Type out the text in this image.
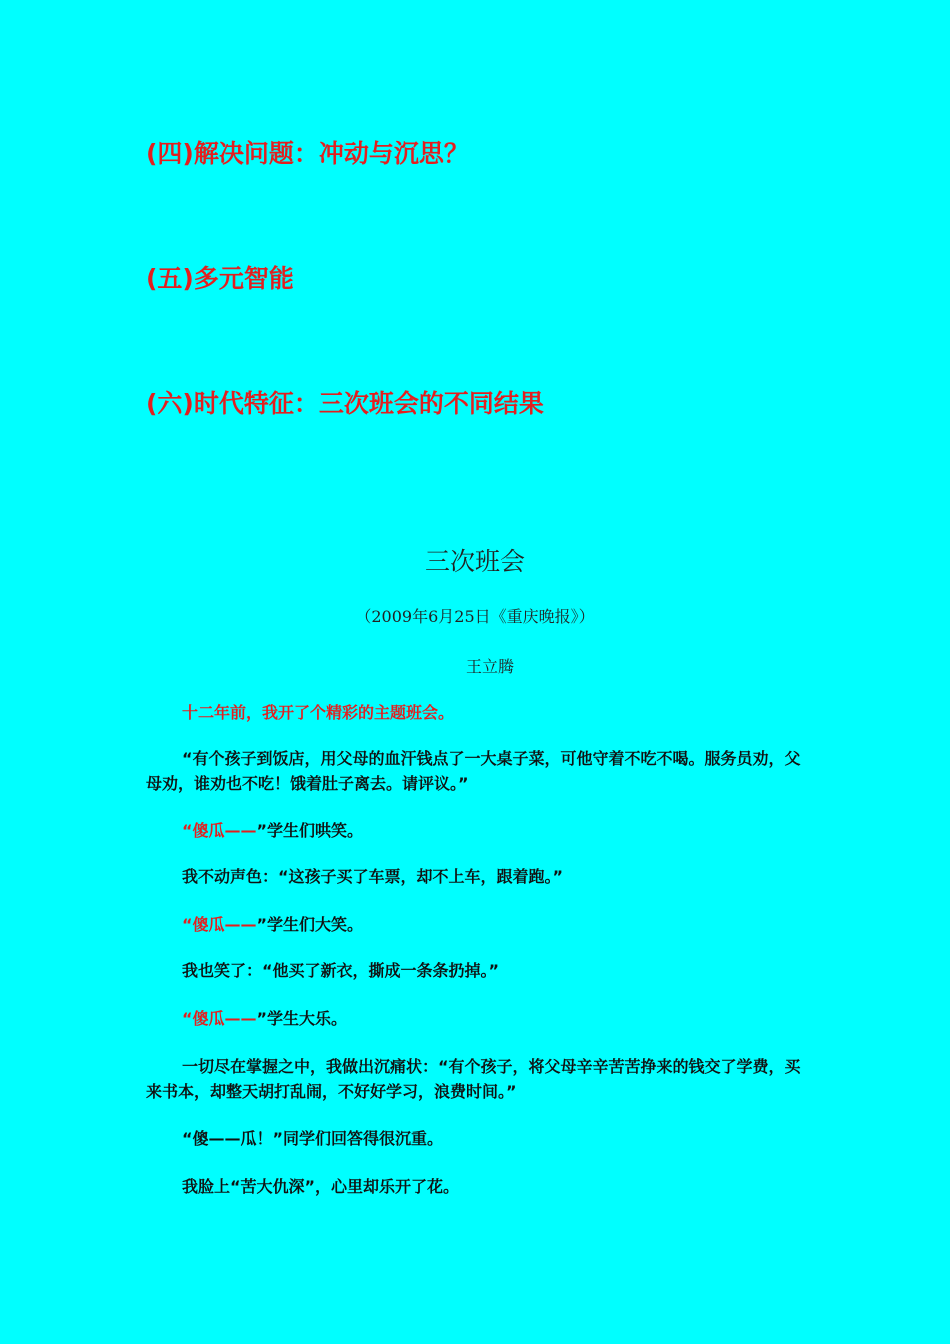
(四)解决问题：冲动与沉思？
(五)多元智能
(六)时代特征：三次班会的不同结果
三次班会
（2009年6月25日《重庆晚报》）
王立腾
十二年前，我开了个精彩的主题班会。
“有个孩子到饭店，用父母的血汗钱点了一大桌子菜，可他守着不吃不喝。服务员劝，父母劝，谁劝也不吃！饿着肚子离去。请评议。”
“傻瓜——”学生们哄笑。
我不动声色：“这孩子买了车票，却不上车，跟着跑。”
“傻瓜——”学生们大笑。
我也笑了：“他买了新衣，撕成一条条扔掉。”
“傻瓜——”学生大乐。
一切尽在掌握之中，我做出沉痛状：“有个孩子，将父母辛辛苦苦挣来的钱交了学费，买来书本，却整天胡打乱闹，不好好学习，浪费时间。”
“傻——瓜！”同学们回答得很沉重。
我脸上“苦大仇深”，心里却乐开了花。
